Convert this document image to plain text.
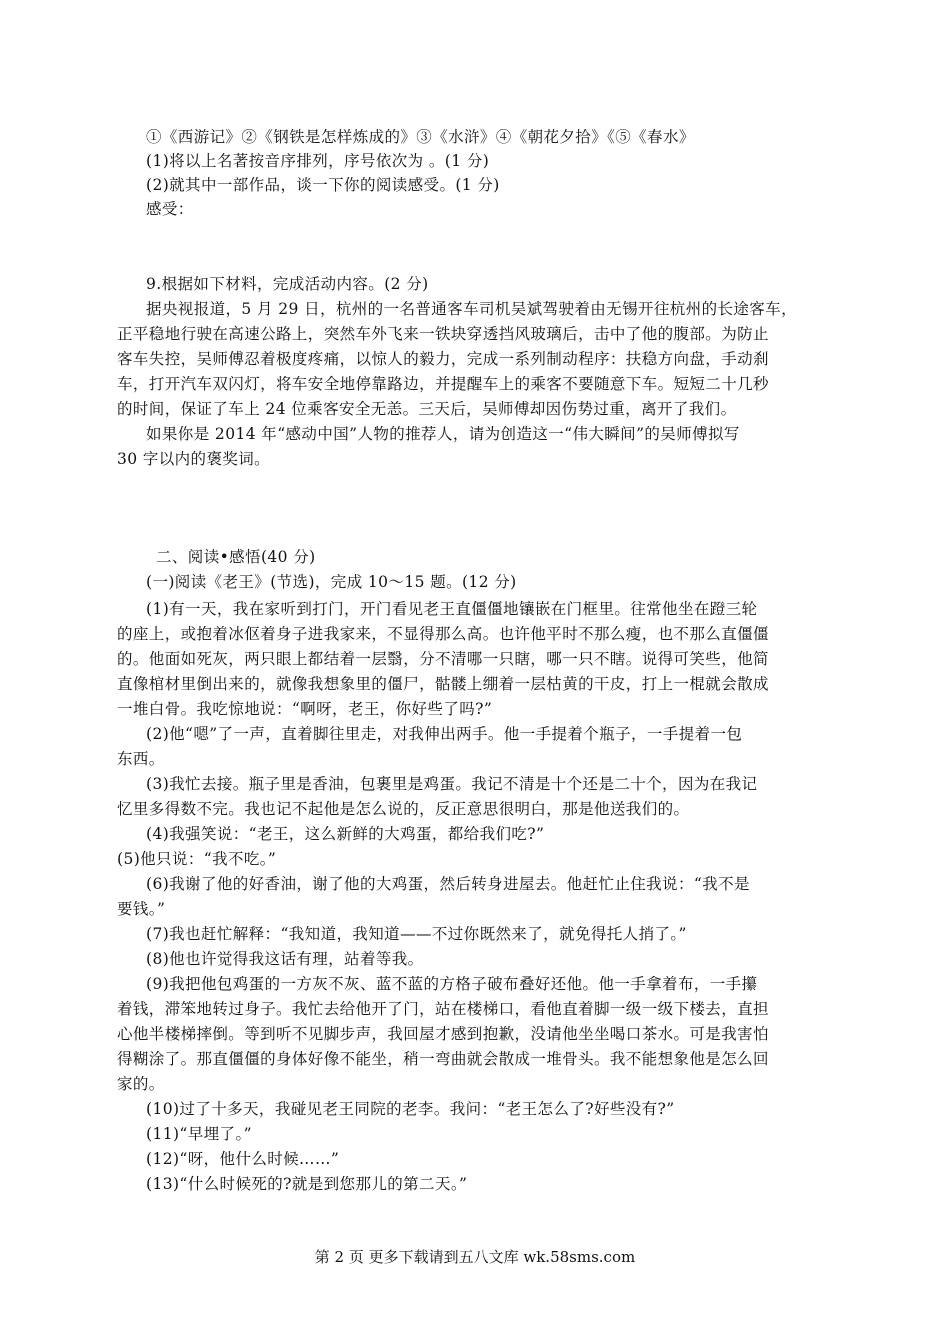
①《西游记》②《钢铁是怎样炼成的》③《水浒》④《朝花夕拾》《⑤《春水》
(1)将以上名著按音序排列，序号依次为 。(1 分)
(2)就其中一部作品，谈一下你的阅读感受。(1 分)
感受：
9.根据如下材料，完成活动内容。(2 分)
据央视报道，5 月 29 日，杭州的一名普通客车司机吴斌驾驶着由无锡开往杭州的长途客车，
正平稳地行驶在高速公路上，突然车外飞来一铁块穿透挡风玻璃后，击中了他的腹部。为防止
客车失控，吴师傅忍着极度疼痛，以惊人的毅力，完成一系列制动程序：扶稳方向盘，手动刹
车，打开汽车双闪灯，将车安全地停靠路边，并提醒车上的乘客不要随意下车。短短二十几秒
的时间，保证了车上 24 位乘客安全无恙。三天后，吴师傅却因伤势过重，离开了我们。
如果你是 2014 年“感动中国”人物的推荐人，请为创造这一“伟大瞬间”的吴师傅拟写
30 字以内的褒奖词。
二、阅读•感悟(40 分)
(一)阅读《老王》(节选)，完成 10～15 题。(12 分)
(1)有一天，我在家听到打门，开门看见老王直僵僵地镶嵌在门框里。往常他坐在蹬三轮
的座上，或抱着冰伛着身子进我家来，不显得那么高。也许他平时不那么瘦，也不那么直僵僵
的。他面如死灰，两只眼上都结着一层翳，分不清哪一只瞎，哪一只不瞎。说得可笑些，他简
直像棺材里倒出来的，就像我想象里的僵尸，骷髅上绷着一层枯黄的干皮，打上一棍就会散成
一堆白骨。我吃惊地说：“啊呀，老王，你好些了吗?”
(2)他“嗯”了一声，直着脚往里走，对我伸出两手。他一手提着个瓶子，一手提着一包
东西。
(3)我忙去接。瓶子里是香油，包裹里是鸡蛋。我记不清是十个还是二十个，因为在我记
忆里多得数不完。我也记不起他是怎么说的，反正意思很明白，那是他送我们的。
(4)我强笑说：“老王，这么新鲜的大鸡蛋，都给我们吃?”
(5)他只说：“我不吃。”
(6)我谢了他的好香油，谢了他的大鸡蛋，然后转身进屋去。他赶忙止住我说：“我不是
要钱。”
(7)我也赶忙解释：“我知道，我知道——不过你既然来了，就免得托人捎了。”
(8)他也许觉得我这话有理，站着等我。
(9)我把他包鸡蛋的一方灰不灰、蓝不蓝的方格子破布叠好还他。他一手拿着布，一手攥
着钱，滞笨地转过身子。我忙去给他开了门，站在楼梯口，看他直着脚一级一级下楼去，直担
心他半楼梯摔倒。等到听不见脚步声，我回屋才感到抱歉，没请他坐坐喝口茶水。可是我害怕
得糊涂了。那直僵僵的身体好像不能坐，稍一弯曲就会散成一堆骨头。我不能想象他是怎么回
家的。
(10)过了十多天，我碰见老王同院的老李。我问：“老王怎么了?好些没有?”
(11)“早埋了。”
(12)“呀，他什么时候……”
(13)“什么时候死的?就是到您那儿的第二天。”
第 2 页 更多下载请到五八文库 wk.58sms.com
